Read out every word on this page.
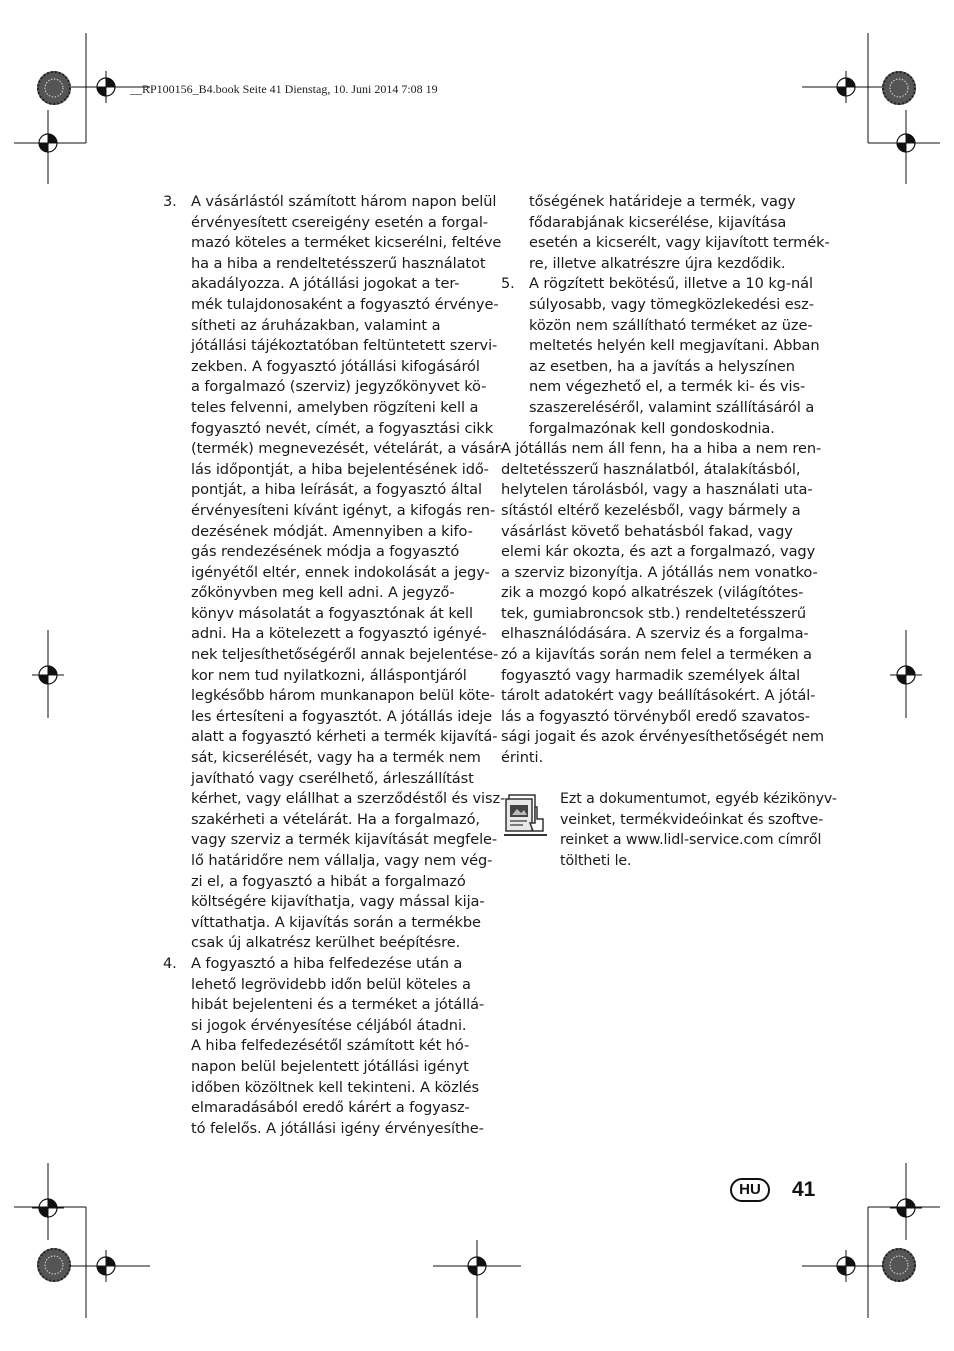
__RP100156_B4.book Seite 41 Dienstag, 10. Juni 2014 7:08 19
3. A vásárlástól számított három napon belül
érvényesített csereigény esetén a forgal-
mazó köteles a terméket kicserélni, feltéve
ha a hiba a rendeltetésszerű használatot
akadályozza. A jótállási jogokat a ter-
mék tulajdonosaként a fogyasztó érvénye-
sítheti az áruházakban, valamint a
jótállási tájékoztatóban feltüntetett szervi-
zekben. A fogyasztó jótállási kifogásáról
a forgalmazó (szerviz) jegyzőkönyvet kö-
teles felvenni, amelyben rögzíteni kell a
fogyasztó nevét, címét, a fogyasztási cikk
(termék) megnevezését, vételárát, a vásár-
lás időpontját, a hiba bejelentésének idő-
pontját, a hiba leírását, a fogyasztó által
érvényesíteni kívánt igényt, a kifogás ren-
dezésének módját. Amennyiben a kifo-
gás rendezésének módja a fogyasztó
igényétől eltér, ennek indokolását a jegy-
zőkönyvben meg kell adni. A jegyző-
könyv másolatát a fogyasztónak át kell
adni. Ha a kötelezett a fogyasztó igényé-
nek teljesíthetőségéről annak bejelentése-
kor nem tud nyilatkozni, álláspontjáról
legkésőbb három munkanapon belül köte-
les értesíteni a fogyasztót. A jótállás ideje
alatt a fogyasztó kérheti a termék kijavítá-
sát, kicserélését, vagy ha a termék nem
javítható vagy cserélhető, árleszállítást
kérhet, vagy elállhat a szerződéstől és visz-
szakérheti a vételárát. Ha a forgalmazó,
vagy szerviz a termék kijavítását megfele-
lő határidőre nem vállalja, vagy nem vég-
zi el, a fogyasztó a hibát a forgalmazó
költségére kijavíthatja, vagy mással kija-
víttathatja. A kijavítás során a termékbe
csak új alkatrész kerülhet beépítésre.
4. A fogyasztó a hiba felfedezése után a
lehető legrövidebb időn belül köteles a
hibát bejelenteni és a terméket a jótállá-
si jogok érvényesítése céljából átadni.
A hiba felfedezésétől számított két hó-
napon belül bejelentett jótállási igényt
időben közöltnek kell tekinteni. A közlés
elmaradásából eredő kárért a fogyasz-
tó felelős. A jótállási igény érvényesíthe-
tőségének határideje a termék, vagy
fődarabjának kicserélése, kijavítása
esetén a kicserélt, vagy kijavított termék-
re, illetve alkatrészre újra kezdődik.
5. A rögzített bekötésű, illetve a 10 kg-nál
súlyosabb, vagy tömegközlekedési esz-
közön nem szállítható terméket az üze-
meltetés helyén kell megjavítani. Abban
az esetben, ha a javítás a helyszínen
nem végezhető el, a termék ki- és vis-
szaszereléséről, valamint szállításáról a
forgalmazónak kell gondoskodnia.
A jótállás nem áll fenn, ha a hiba a nem ren-
deltetésszerű használatból, átalakításból,
helytelen tárolásból, vagy a használati uta-
sítástól eltérő kezelésből, vagy bármely a
vásárlást követő behatásból fakad, vagy
elemi kár okozta, és azt a forgalmazó, vagy
a szerviz bizonyítja. A jótállás nem vonatko-
zik a mozgó kopó alkatrészek (világítótes-
tek, gumiabroncsok stb.) rendeltetésszerű
elhasználódására. A szerviz és a forgalma-
zó a kijavítás során nem felel a terméken a
fogyasztó vagy harmadik személyek által
tárolt adatokért vagy beállításokért. A jótál-
lás a fogyasztó törvényből eredő szavatos-
sági jogait és azok érvényesíthetőségét nem
érinti.
Ezt a dokumentumot, egyéb kézikönyv-
veinket, termékvideóinkat és szoftve-
reinket a www.lidl-service.com címről
töltheti le.
HU	41
